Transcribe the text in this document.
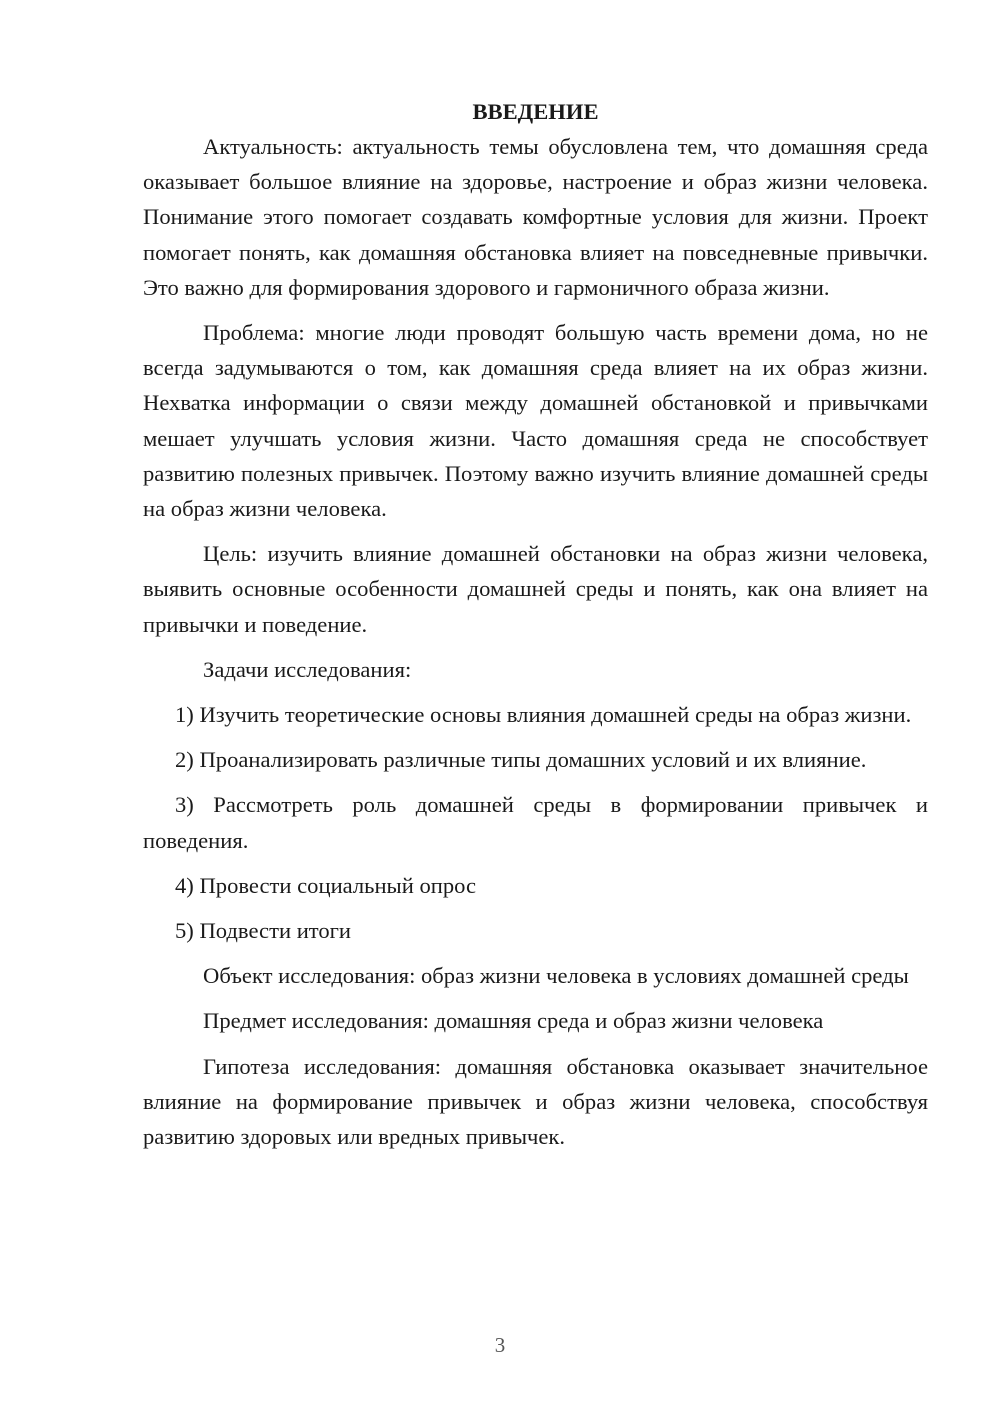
ВВЕДЕНИЕ

Актуальность: актуальность темы обусловлена тем, что домашняя среда оказывает большое влияние на здоровье, настроение и образ жизни человека. Понимание этого помогает создавать комфортные условия для жизни. Проект помогает понять, как домашняя обстановка влияет на повседневные привычки. Это важно для формирования здорового и гармоничного образа жизни.

Проблема: многие люди проводят большую часть времени дома, но не всегда задумываются о том, как домашняя среда влияет на их образ жизни. Нехватка информации о связи между домашней обстановкой и привычками мешает улучшать условия жизни. Часто домашняя среда не способствует развитию полезных привычек. Поэтому важно изучить влияние домашней среды на образ жизни человека.

Цель: изучить влияние домашней обстановки на образ жизни человека, выявить основные особенности домашней среды и понять, как она влияет на привычки и поведение.

Задачи исследования:

1) Изучить теоретические основы влияния домашней среды на образ жизни.

2) Проанализировать различные типы домашних условий и их влияние.

3) Рассмотреть роль домашней среды в формировании привычек и поведения.

4) Провести социальный опрос

5) Подвести итоги

Объект исследования: образ жизни человека в условиях домашней среды

Предмет исследования: домашняя среда и образ жизни человека

Гипотеза исследования: домашняя обстановка оказывает значительное влияние на формирование привычек и образ жизни человека, способствуя развитию здоровых или вредных привычек.

3
